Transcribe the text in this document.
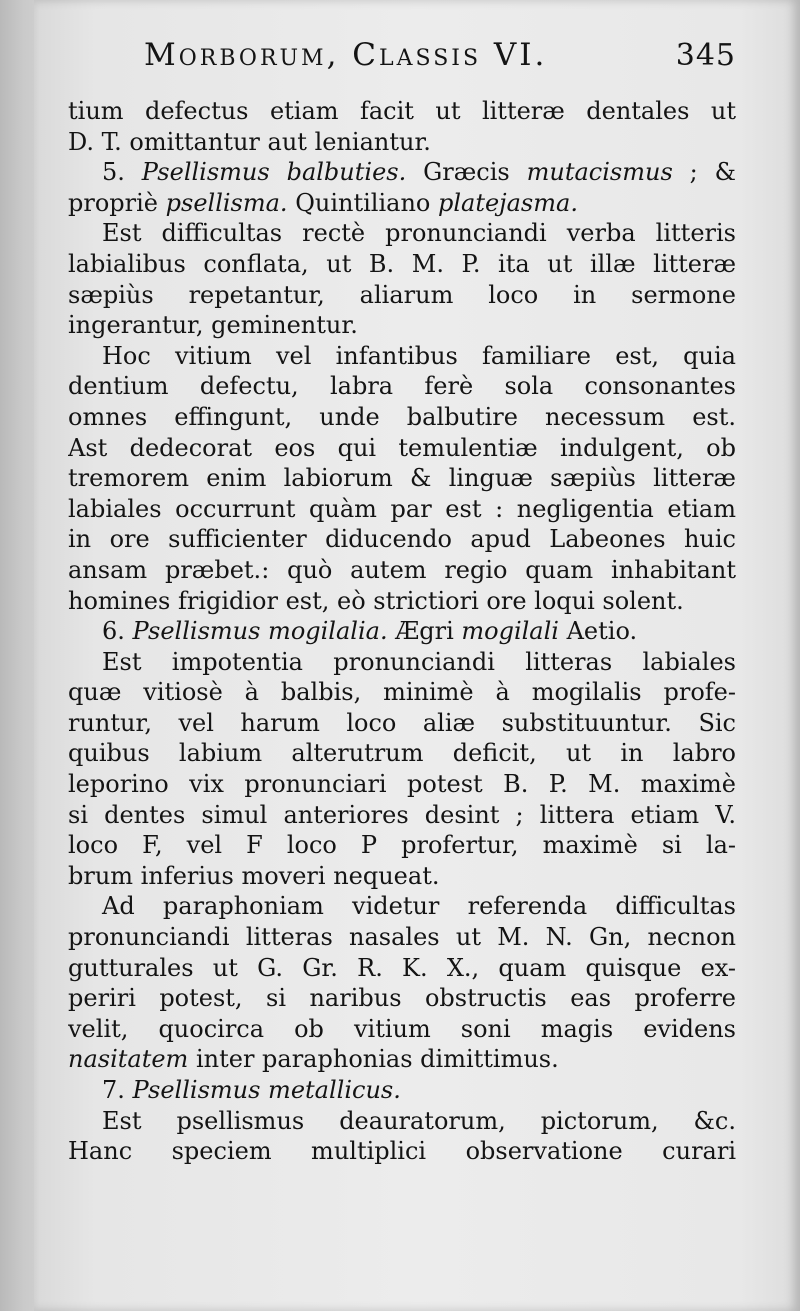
Morborum, Classis VI.	345
tium defectus etiam facit ut litteræ dentales ut
D. T. omittantur aut leniantur.
5. Psellismus balbuties. Græcis mutacismus ; &
propriè psellisma. Quintiliano platejasma.
Est difficultas rectè pronunciandi verba litteris
labialibus conflata, ut B. M. P. ita ut illæ litteræ
sæpiùs repetantur, aliarum loco in sermone
ingerantur, geminentur.
Hoc vitium vel infantibus familiare est, quia
dentium defectu, labra ferè sola consonantes
omnes effingunt, unde balbutire necessum est.
Ast dedecorat eos qui temulentiæ indulgent, ob
tremorem enim labiorum & linguæ sæpiùs litteræ
labiales occurrunt quàm par est : negligentia etiam
in ore sufficienter diducendo apud Labeones huic
ansam præbet.: quò autem regio quam inhabitant
homines frigidior est, eò strictiori ore loqui solent.
6. Psellismus mogilalia. Ægri mogilali Aetio.
Est impotentia pronunciandi litteras labiales
quæ vitiosè à balbis, minimè à mogilalis profe-
runtur, vel harum loco aliæ substituuntur. Sic
quibus labium alterutrum deficit, ut in labro
leporino vix pronunciari potest B. P. M. maximè
si dentes simul anteriores desint ; littera etiam V.
loco F, vel F loco P profertur, maximè si la-
brum inferius moveri nequeat.
Ad paraphoniam videtur referenda difficultas
pronunciandi litteras nasales ut M. N. Gn, necnon
gutturales ut G. Gr. R. K. X., quam quisque ex-
periri potest, si naribus obstructis eas proferre
velit, quocirca ob vitium soni magis evidens
nasitatem inter paraphonias dimittimus.
7. Psellismus metallicus.
Est psellismus deauratorum, pictorum, &c.
Hanc speciem multiplici observatione curari
